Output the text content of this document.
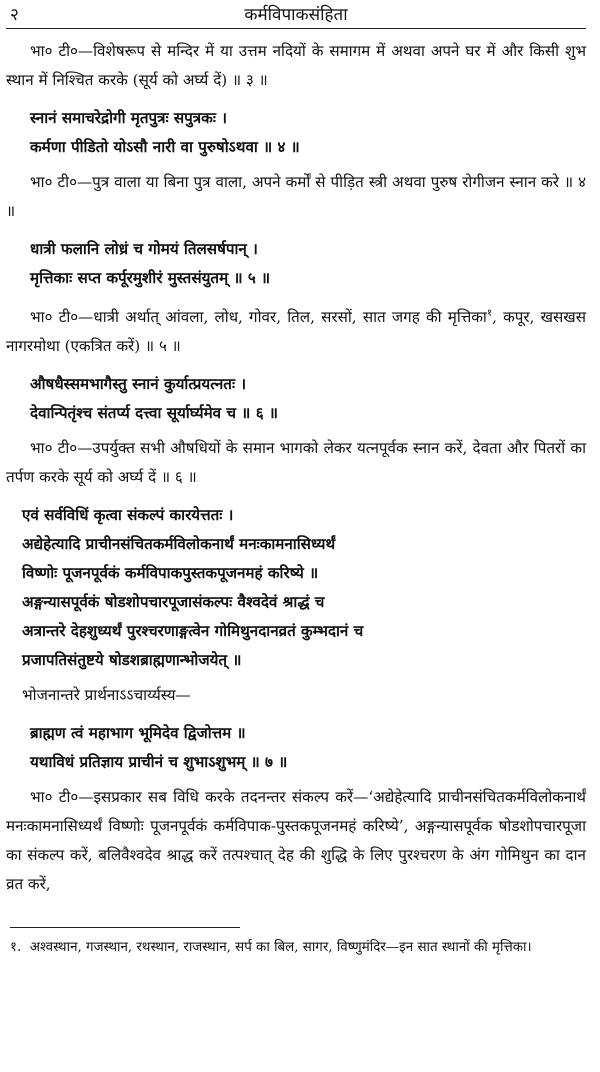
२	कर्मविपाकसंहिता

भा० टी०—विशेषरूप से मन्दिर में या उत्तम नदियों के समागम में अथवा अपने घर में और किसी शुभ स्थान में निश्चित करके (सूर्य को अर्घ्य दें) ॥ ३ ॥

स्नानं समाचरेद्रोगी मृतपुत्रः सपुत्रकः ।
कर्मणा पीडितो योऽसौ नारी वा पुरुषोऽथवा ॥ ४ ॥

भा० टी०—पुत्र वाला या बिना पुत्र वाला, अपने कर्मों से पीड़ित स्त्री अथवा पुरुष रोगीजन स्नान करे ॥ ४ ॥

धात्री फलानि लोध्रं च गोमयं तिलसर्षपान् ।
मृत्तिकाः सप्त कर्पूरमुशीरं मुस्तसंयुतम् ॥ ५ ॥

भा० टी०—धात्री अर्थात् आंवला, लोध, गोवर, तिल, सरसों, सात जगह की मृत्तिका$^१$, कपूर, खसखस नागरमोथा (एकत्रित करें) ॥ ५ ॥

औषधैस्समभागैस्तु स्नानं कुर्यात्प्रयत्नतः ।
देवान्पितृंश्च संतर्प्य दत्त्वा सूर्यार्घ्यमेव च ॥ ६ ॥

भा० टी०—उपर्युक्त सभी औषधियों के समान भागको लेकर यत्नपूर्वक स्नान करें, देवता और पितरों का तर्पण करके सूर्य को अर्घ्य दें ॥ ६ ॥

एवं सर्वविधिं कृत्वा संकल्पं कारयेत्ततः ।
अद्येहेत्यादि प्राचीनसंचितकर्मविलोकनार्थं मनःकामनासिध्यर्थं
विष्णोः पूजनपूर्वकं कर्मविपाकपुस्तकपूजनमहं करिष्ये ॥
अङ्गन्यासपूर्वकं षोडशोपचारपूजासंकल्पः वैश्वदेवं श्राद्धं च
अत्रान्तरे देहशुध्यर्थं पुरश्चरणाङ्गत्वेन गोमिथुनदानव्रतं कुम्भदानं च
प्रजापतिसंतुष्टये षोडशब्राह्मणान्भोजयेत् ॥

भोजनान्तरे प्रार्थनाऽऽचार्य्यस्य—

ब्राह्मण त्वं महाभाग भूमिदेव द्विजोत्तम ॥
यथाविधं प्रतिज्ञाय प्राचीनं च शुभाऽशुभम् ॥ ७ ॥

भा० टी०—इसप्रकार सब विधि करके तदनन्तर संकल्प करें—‘अद्येहेत्यादि प्राचीनसंचितकर्मविलोकनार्थं मनःकामनासिध्यर्थं विष्णोः पूजनपूर्वकं कर्मविपाक-पुस्तकपूजनमहं करिष्ये’, अङ्गन्यासपूर्वक षोडशोपचारपूजा का संकल्प करें, बलिवैश्वदेव श्राद्ध करें तत्पश्चात् देह की शुद्धि के लिए पुरश्चरण के अंग गोमिथुन का दान व्रत करें,

१. अश्वस्थान, गजस्थान, रथस्थान, राजस्थान, सर्प का बिल, सागर, विष्णुमंदिर—इन सात स्थानों की मृत्तिका।
